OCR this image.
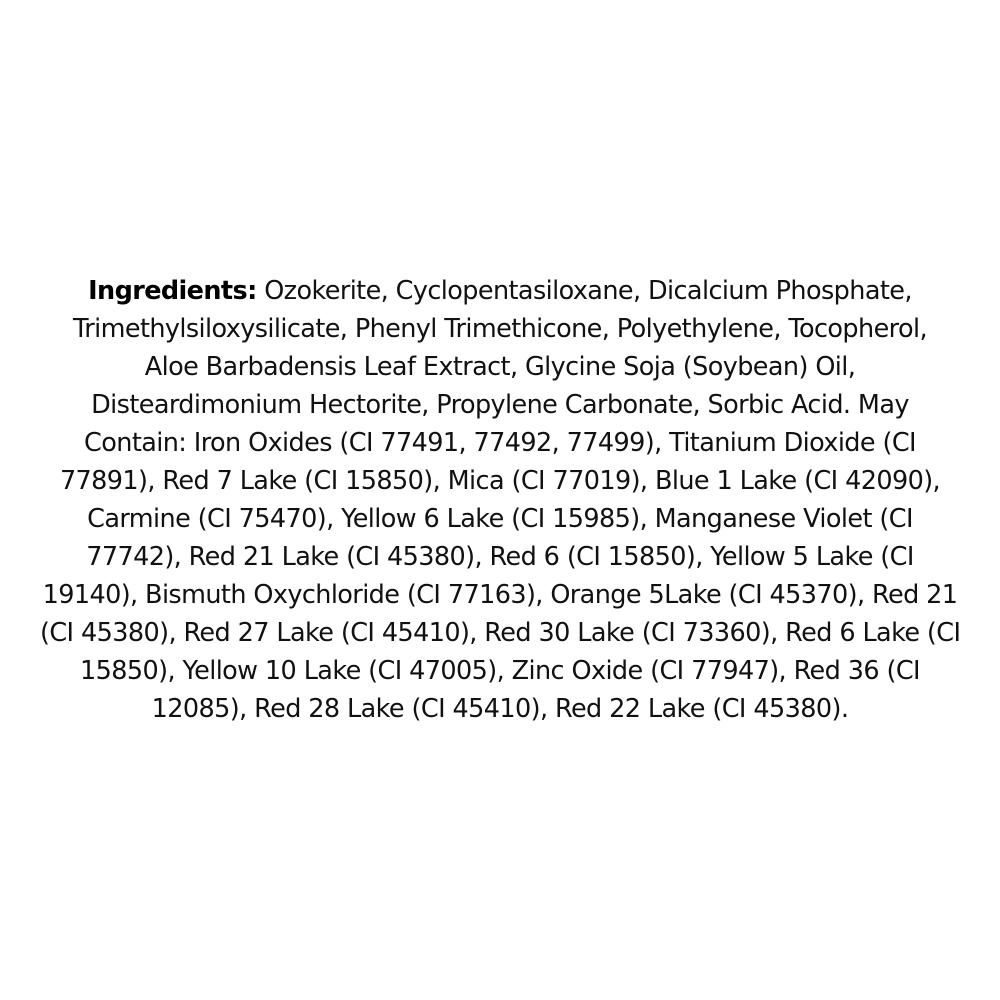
Ingredients: Ozokerite, Cyclopentasiloxane, Dicalcium Phosphate,
Trimethylsiloxysilicate, Phenyl Trimethicone, Polyethylene, Tocopherol,
Aloe Barbadensis Leaf Extract, Glycine Soja (Soybean) Oil,
Disteardimonium Hectorite, Propylene Carbonate, Sorbic Acid. May
Contain: Iron Oxides (CI 77491, 77492, 77499), Titanium Dioxide (CI
77891), Red 7 Lake (CI 15850), Mica (CI 77019), Blue 1 Lake (CI 42090),
Carmine (CI 75470), Yellow 6 Lake (CI 15985), Manganese Violet (CI
77742), Red 21 Lake (CI 45380), Red 6 (CI 15850), Yellow 5 Lake (CI
19140), Bismuth Oxychloride (CI 77163), Orange 5Lake (CI 45370), Red 21
(CI 45380), Red 27 Lake (CI 45410), Red 30 Lake (CI 73360), Red 6 Lake (CI
15850), Yellow 10 Lake (CI 47005), Zinc Oxide (CI 77947), Red 36 (CI
12085), Red 28 Lake (CI 45410), Red 22 Lake (CI 45380).
